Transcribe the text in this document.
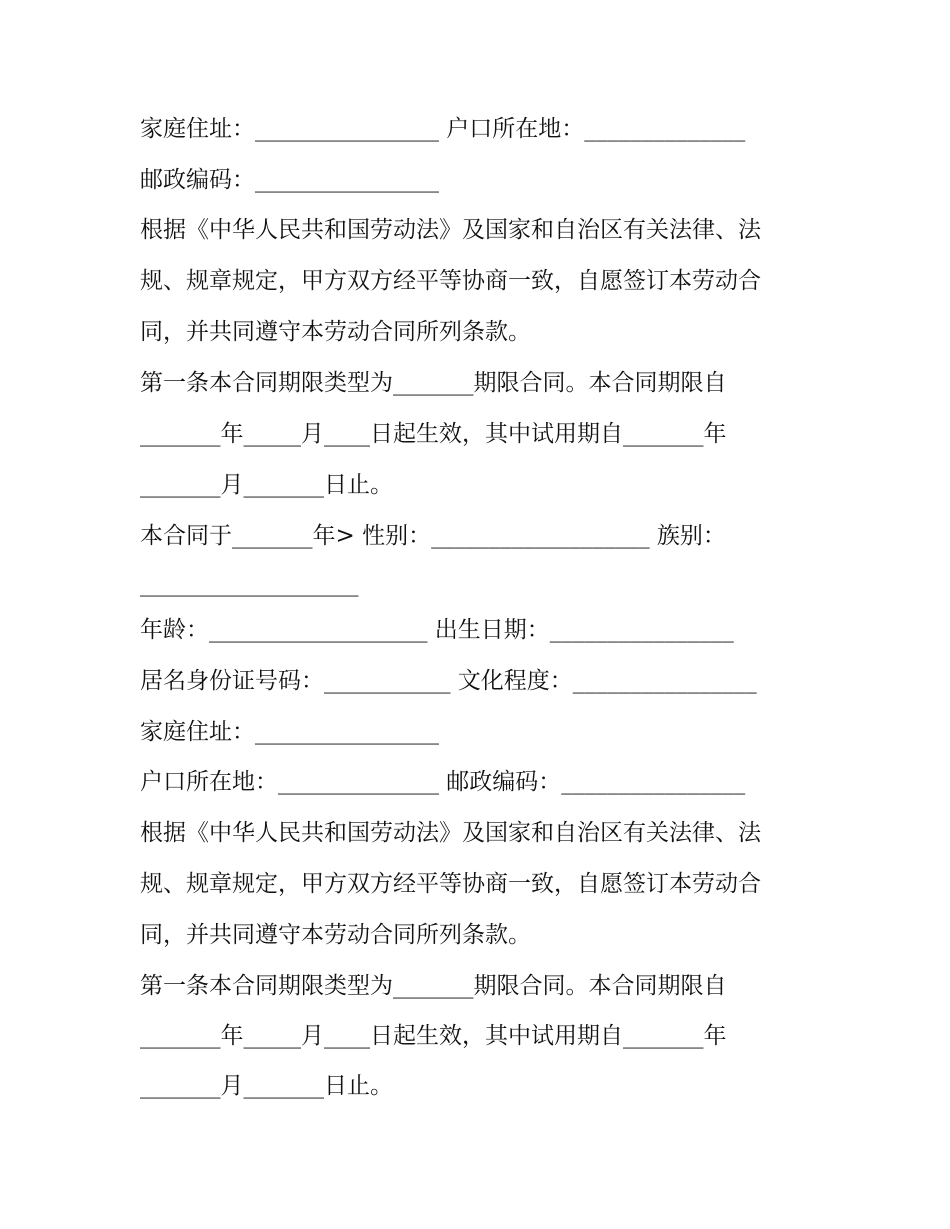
家庭住址：________________ 户口所在地：______________
邮政编码：________________
根据《中华人民共和国劳动法》及国家和自治区有关法律、法
规、规章规定，甲方双方经平等协商一致，自愿签订本劳动合
同，并共同遵守本劳动合同所列条款。
第一条本合同期限类型为_______期限合同。本合同期限自
_______年_____月____日起生效，其中试用期自_______年
_______月_______日止。
本合同于_______年> 性别：___________________ 族别：
___________________
年龄：___________________ 出生日期：________________
居名身份证号码：___________ 文化程度：________________
家庭住址：________________
户口所在地：______________ 邮政编码：________________
根据《中华人民共和国劳动法》及国家和自治区有关法律、法
规、规章规定，甲方双方经平等协商一致，自愿签订本劳动合
同，并共同遵守本劳动合同所列条款。
第一条本合同期限类型为_______期限合同。本合同期限自
_______年_____月____日起生效，其中试用期自_______年
_______月_______日止。
